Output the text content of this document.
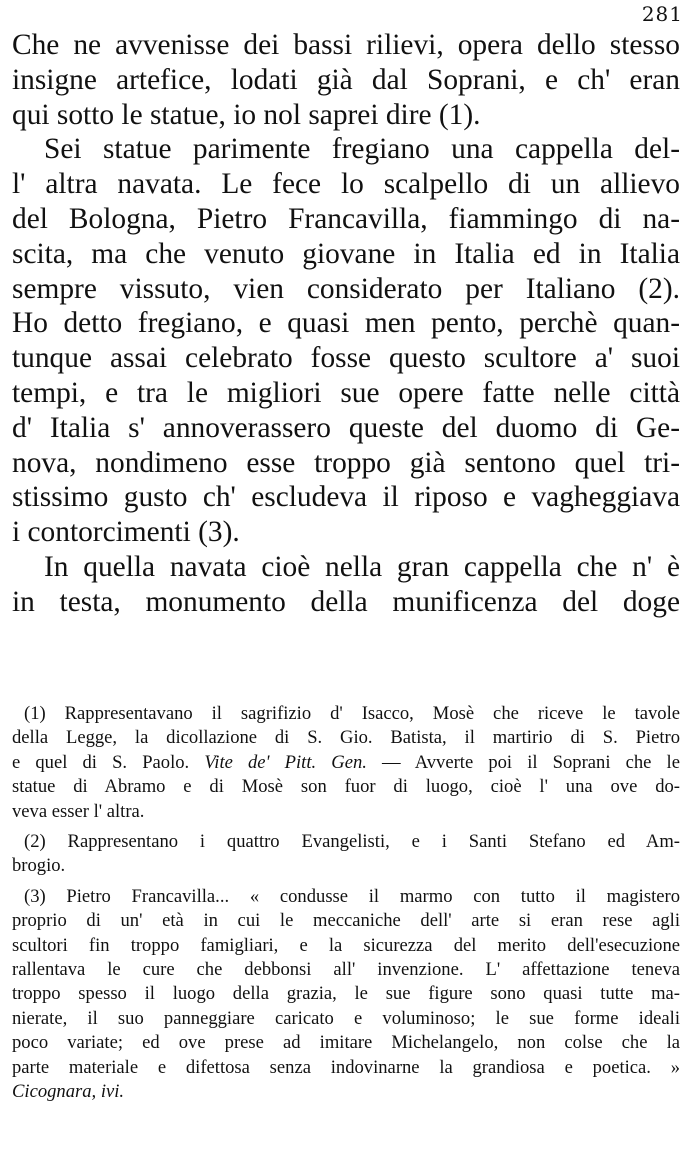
281
Che ne avvenisse dei bassi rilievi, opera dello stesso
insigne artefice, lodati già dal Soprani, e ch' eran
qui sotto le statue, io nol saprei dire (1).
Sei statue parimente fregiano una cappella del-
l' altra navata. Le fece lo scalpello di un allievo
del Bologna, Pietro Francavilla, fiammingo di na-
scita, ma che venuto giovane in Italia ed in Italia
sempre vissuto, vien considerato per Italiano (2).
Ho detto fregiano, e quasi men pento, perchè quan-
tunque assai celebrato fosse questo scultore a' suoi
tempi, e tra le migliori sue opere fatte nelle città
d' Italia s' annoverassero queste del duomo di Ge-
nova, nondimeno esse troppo già sentono quel tri-
stissimo gusto ch' escludeva il riposo e vagheggiava
i contorcimenti (3).
In quella navata cioè nella gran cappella che n' è
in testa, monumento della munificenza del doge
(1) Rappresentavano il sagrifizio d' Isacco, Mosè che riceve le tavole
della Legge, la dicollazione di S. Gio. Batista, il martirio di S. Pietro
e quel di S. Paolo. Vite de' Pitt. Gen. — Avverte poi il Soprani che le
statue di Abramo e di Mosè son fuor di luogo, cioè l' una ove do-
veva esser l' altra.
(2) Rappresentano i quattro Evangelisti, e i Santi Stefano ed Am-
brogio.
(3) Pietro Francavilla... « condusse il marmo con tutto il magistero
proprio di un' età in cui le meccaniche dell' arte si eran rese agli
scultori fin troppo famigliari, e la sicurezza del merito dell'esecuzione
rallentava le cure che debbonsi all' invenzione. L' affettazione teneva
troppo spesso il luogo della grazia, le sue figure sono quasi tutte ma-
nierate, il suo panneggiare caricato e voluminoso; le sue forme ideali
poco variate; ed ove prese ad imitare Michelangelo, non colse che la
parte materiale e difettosa senza indovinarne la grandiosa e poetica. »
Cicognara, ivi.
